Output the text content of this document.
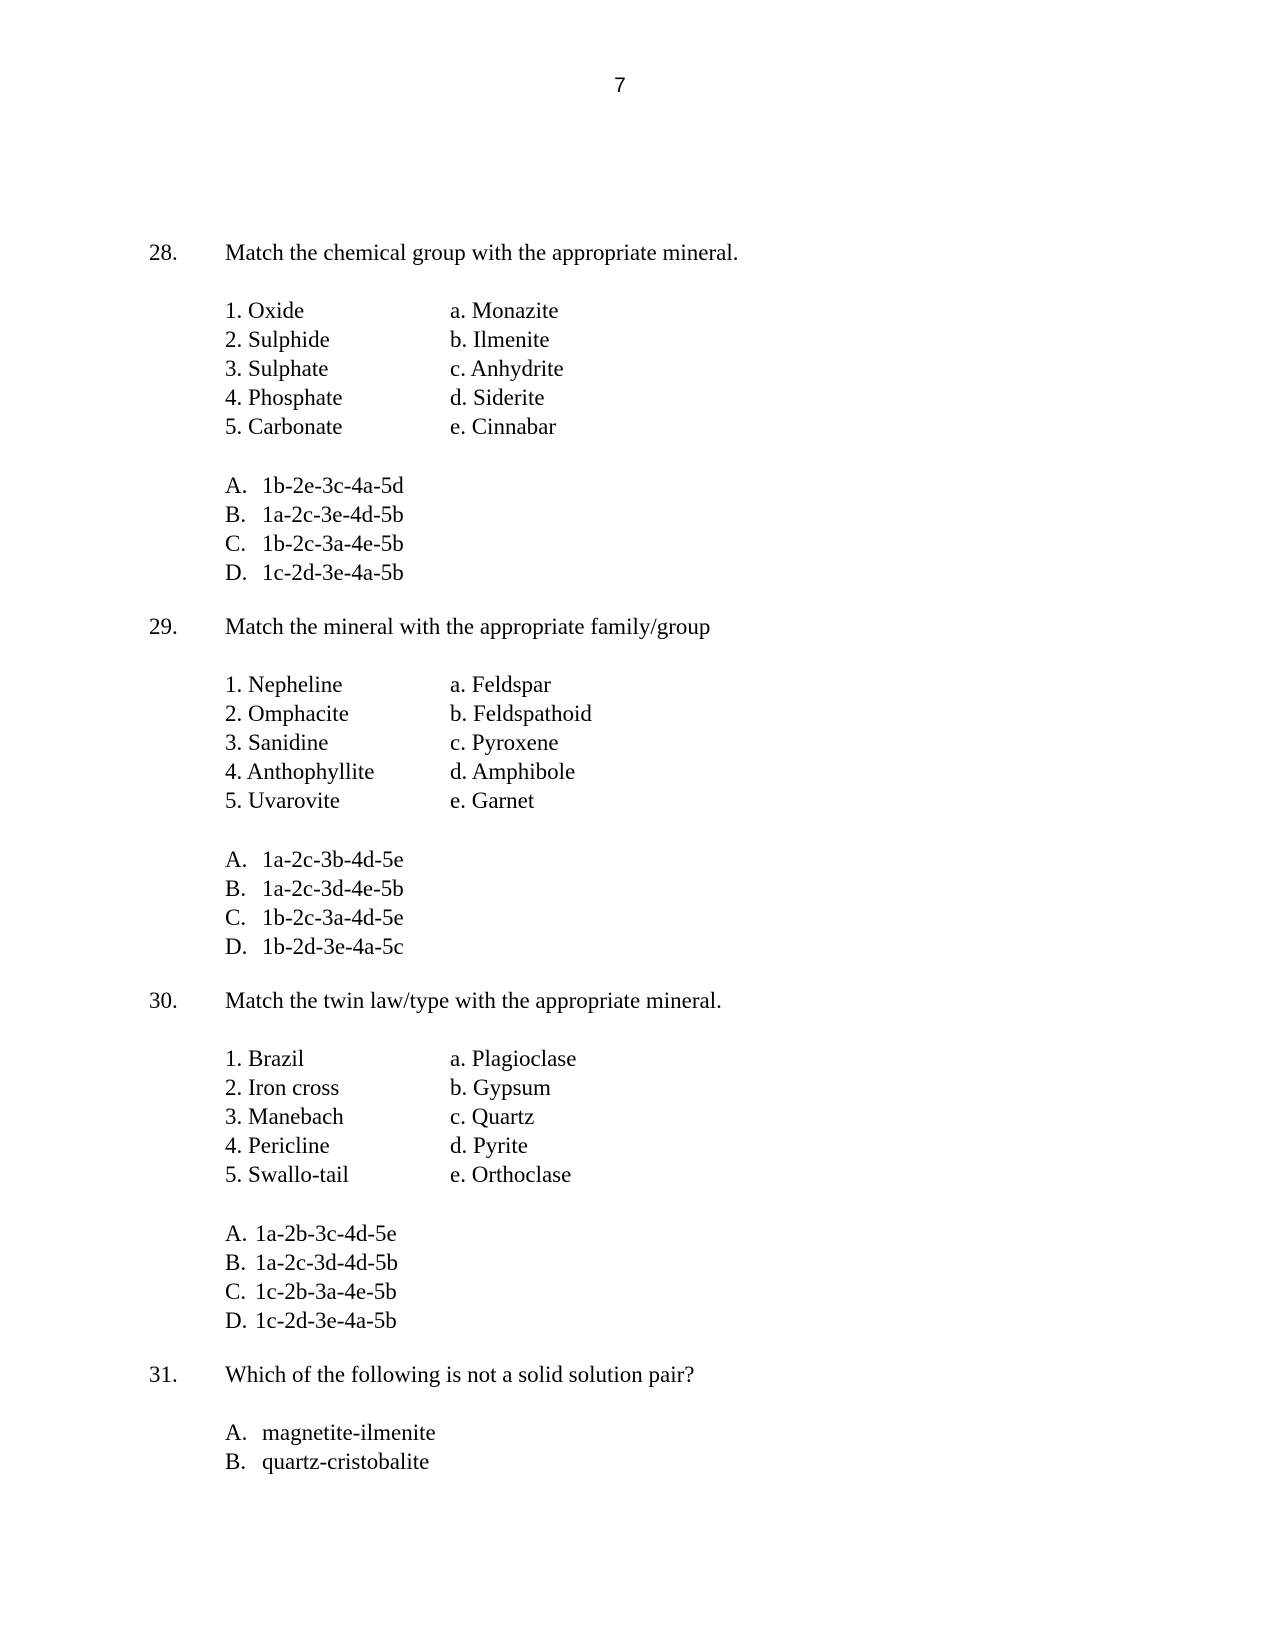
7
28. Match the chemical group with the appropriate mineral.
1. Oxide	a. Monazite
2. Sulphide	b. Ilmenite
3. Sulphate	c. Anhydrite
4. Phosphate	d. Siderite
5. Carbonate	e. Cinnabar
A. 1b-2e-3c-4a-5d
B. 1a-2c-3e-4d-5b
C. 1b-2c-3a-4e-5b
D. 1c-2d-3e-4a-5b
29. Match the mineral with the appropriate family/group
1. Nepheline	a. Feldspar
2. Omphacite	b. Feldspathoid
3. Sanidine	c. Pyroxene
4. Anthophyllite	d. Amphibole
5. Uvarovite	e. Garnet
A. 1a-2c-3b-4d-5e
B. 1a-2c-3d-4e-5b
C. 1b-2c-3a-4d-5e
D. 1b-2d-3e-4a-5c
30. Match the twin law/type with the appropriate mineral.
1. Brazil	a. Plagioclase
2. Iron cross	b. Gypsum
3. Manebach	c. Quartz
4. Pericline	d. Pyrite
5. Swallo-tail	e. Orthoclase
A. 1a-2b-3c-4d-5e
B. 1a-2c-3d-4d-5b
C. 1c-2b-3a-4e-5b
D. 1c-2d-3e-4a-5b
31. Which of the following is not a solid solution pair?
A. magnetite-ilmenite
B. quartz-cristobalite
